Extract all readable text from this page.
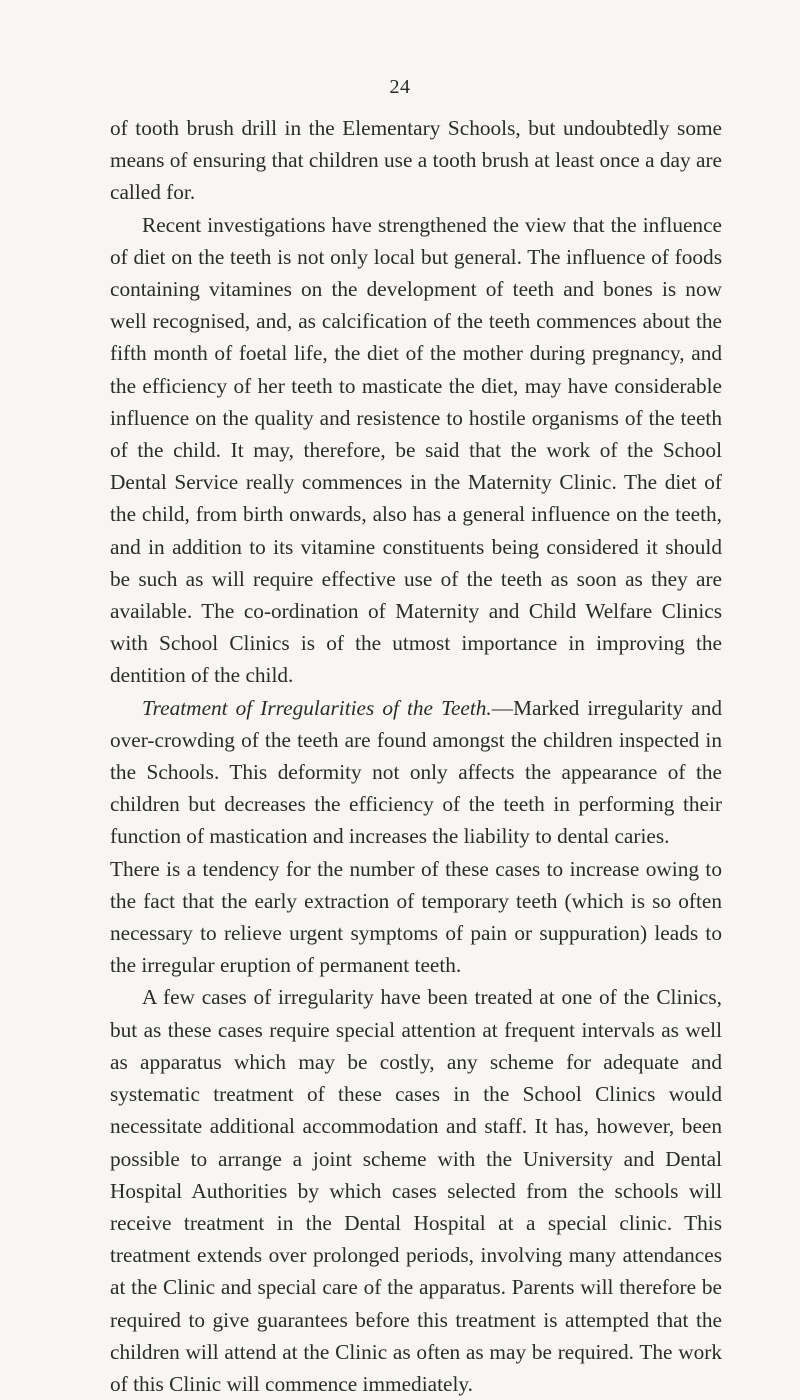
24

of tooth brush drill in the Elementary Schools, but undoubtedly some means of ensuring that children use a tooth brush at least once a day are called for.

Recent investigations have strengthened the view that the influence of diet on the teeth is not only local but general. The influence of foods containing vitamines on the development of teeth and bones is now well recognised, and, as calcification of the teeth commences about the fifth month of foetal life, the diet of the mother during pregnancy, and the efficiency of her teeth to masticate the diet, may have considerable influence on the quality and resistence to hostile organisms of the teeth of the child. It may, therefore, be said that the work of the School Dental Service really commences in the Maternity Clinic. The diet of the child, from birth onwards, also has a general influence on the teeth, and in addition to its vitamine constituents being considered it should be such as will require effective use of the teeth as soon as they are available. The co-ordination of Maternity and Child Welfare Clinics with School Clinics is of the utmost importance in improving the dentition of the child.

Treatment of Irregularities of the Teeth.—Marked irregularity and over-crowding of the teeth are found amongst the children inspected in the Schools. This deformity not only affects the appearance of the children but decreases the efficiency of the teeth in performing their function of mastication and increases the liability to dental caries.

There is a tendency for the number of these cases to increase owing to the fact that the early extraction of temporary teeth (which is so often necessary to relieve urgent symptoms of pain or suppuration) leads to the irregular eruption of permanent teeth.

A few cases of irregularity have been treated at one of the Clinics, but as these cases require special attention at frequent intervals as well as apparatus which may be costly, any scheme for adequate and systematic treatment of these cases in the School Clinics would necessitate additional accommodation and staff. It has, however, been possible to arrange a joint scheme with the University and Dental Hospital Authorities by which cases selected from the schools will receive treatment in the Dental Hospital at a special clinic. This treatment extends over prolonged periods, involving many attendances at the Clinic and special care of the apparatus. Parents will therefore be required to give guarantees before this treatment is attempted that the children will attend at the Clinic as often as may be required. The work of this Clinic will commence immediately.
